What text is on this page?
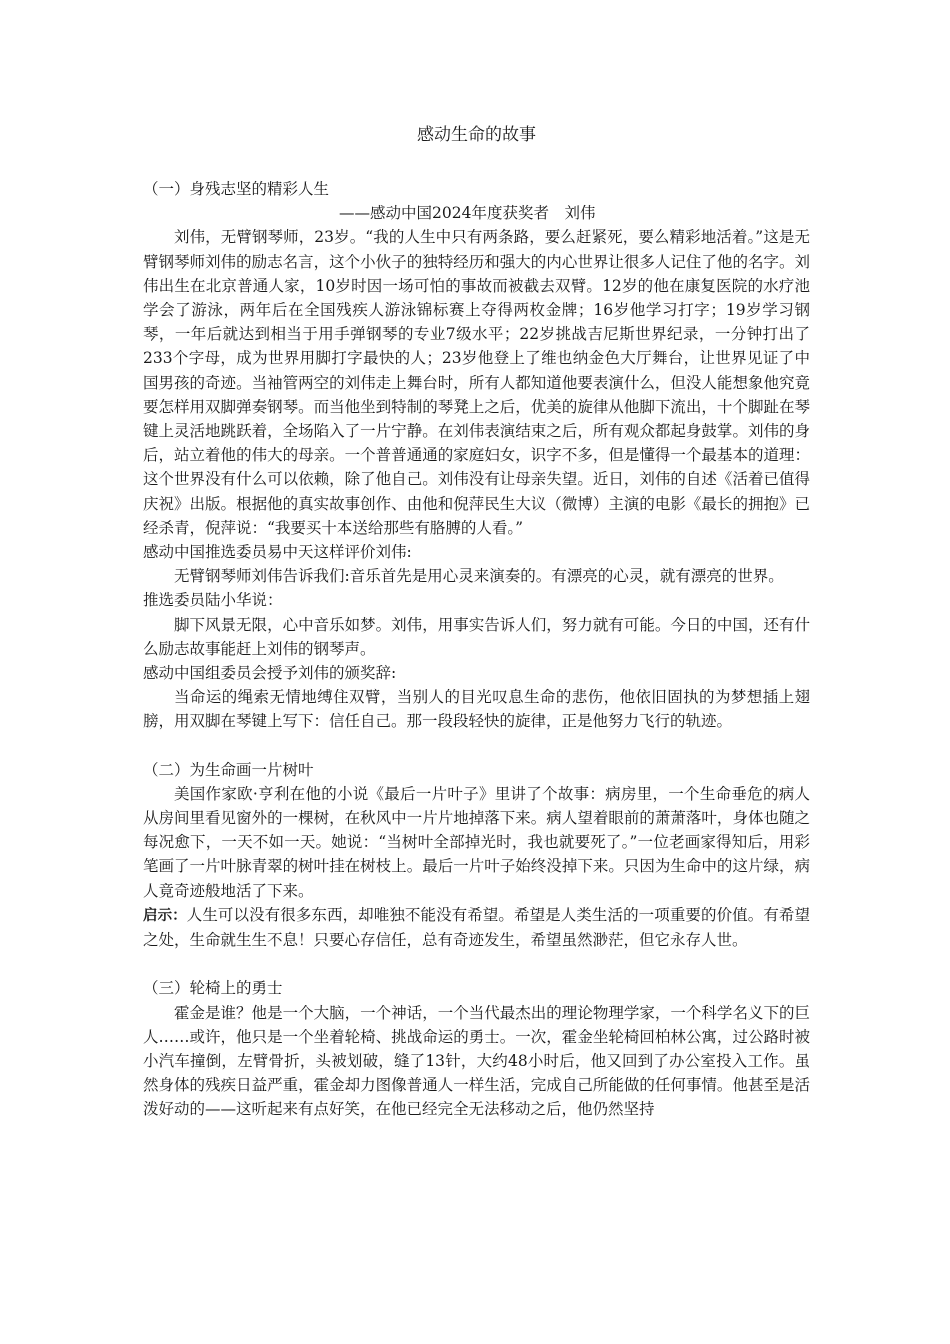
感动生命的故事

（一）身残志坚的精彩人生

——感动中国2024年度获奖者　刘伟

刘伟，无臂钢琴师，23岁。“我的人生中只有两条路，要么赶紧死，要么精彩地活着。”这是无臂钢琴师刘伟的励志名言，这个小伙子的独特经历和强大的内心世界让很多人记住了他的名字。刘伟出生在北京普通人家，10岁时因一场可怕的事故而被截去双臂。12岁的他在康复医院的水疗池学会了游泳，两年后在全国残疾人游泳锦标赛上夺得两枚金牌；16岁他学习打字；19岁学习钢琴，一年后就达到相当于用手弹钢琴的专业7级水平；22岁挑战吉尼斯世界纪录，一分钟打出了233个字母，成为世界用脚打字最快的人；23岁他登上了维也纳金色大厅舞台，让世界见证了中国男孩的奇迹。当袖管两空的刘伟走上舞台时，所有人都知道他要表演什么，但没人能想象他究竟要怎样用双脚弹奏钢琴。而当他坐到特制的琴凳上之后，优美的旋律从他脚下流出，十个脚趾在琴键上灵活地跳跃着，全场陷入了一片宁静。在刘伟表演结束之后，所有观众都起身鼓掌。刘伟的身后，站立着他的伟大的母亲。一个普普通通的家庭妇女，识字不多，但是懂得一个最基本的道理：这个世界没有什么可以依赖，除了他自己。刘伟没有让母亲失望。近日，刘伟的自述《活着已值得庆祝》出版。根据他的真实故事创作、由他和倪萍民生大议（微博）主演的电影《最长的拥抱》已经杀青，倪萍说：“我要买十本送给那些有胳膊的人看。”

感动中国推选委员易中天这样评价刘伟:

无臂钢琴师刘伟告诉我们:音乐首先是用心灵来演奏的。有漂亮的心灵，就有漂亮的世界。

推选委员陆小华说：

脚下风景无限，心中音乐如梦。刘伟，用事实告诉人们，努力就有可能。今日的中国，还有什么励志故事能赶上刘伟的钢琴声。

感动中国组委员会授予刘伟的颁奖辞:

当命运的绳索无情地缚住双臂，当别人的目光叹息生命的悲伤，他依旧固执的为梦想插上翅膀，用双脚在琴键上写下：信任自己。那一段段轻快的旋律，正是他努力飞行的轨迹。

（二）为生命画一片树叶

美国作家欧·亨利在他的小说《最后一片叶子》里讲了个故事：病房里，一个生命垂危的病人从房间里看见窗外的一棵树，在秋风中一片片地掉落下来。病人望着眼前的萧萧落叶，身体也随之每况愈下，一天不如一天。她说：“当树叶全部掉光时，我也就要死了。”一位老画家得知后，用彩笔画了一片叶脉青翠的树叶挂在树枝上。最后一片叶子始终没掉下来。只因为生命中的这片绿，病人竟奇迹般地活了下来。

启示：人生可以没有很多东西，却唯独不能没有希望。希望是人类生活的一项重要的价值。有希望之处，生命就生生不息！只要心存信任，总有奇迹发生，希望虽然渺茫，但它永存人世。

（三）轮椅上的勇士

霍金是谁？他是一个大脑，一个神话，一个当代最杰出的理论物理学家，一个科学名义下的巨人……或许，他只是一个坐着轮椅、挑战命运的勇士。一次，霍金坐轮椅回柏林公寓，过公路时被小汽车撞倒，左臂骨折，头被划破，缝了13针，大约48小时后，他又回到了办公室投入工作。虽然身体的残疾日益严重，霍金却力图像普通人一样生活，完成自己所能做的任何事情。他甚至是活泼好动的——这听起来有点好笑，在他已经完全无法移动之后，他仍然坚持
